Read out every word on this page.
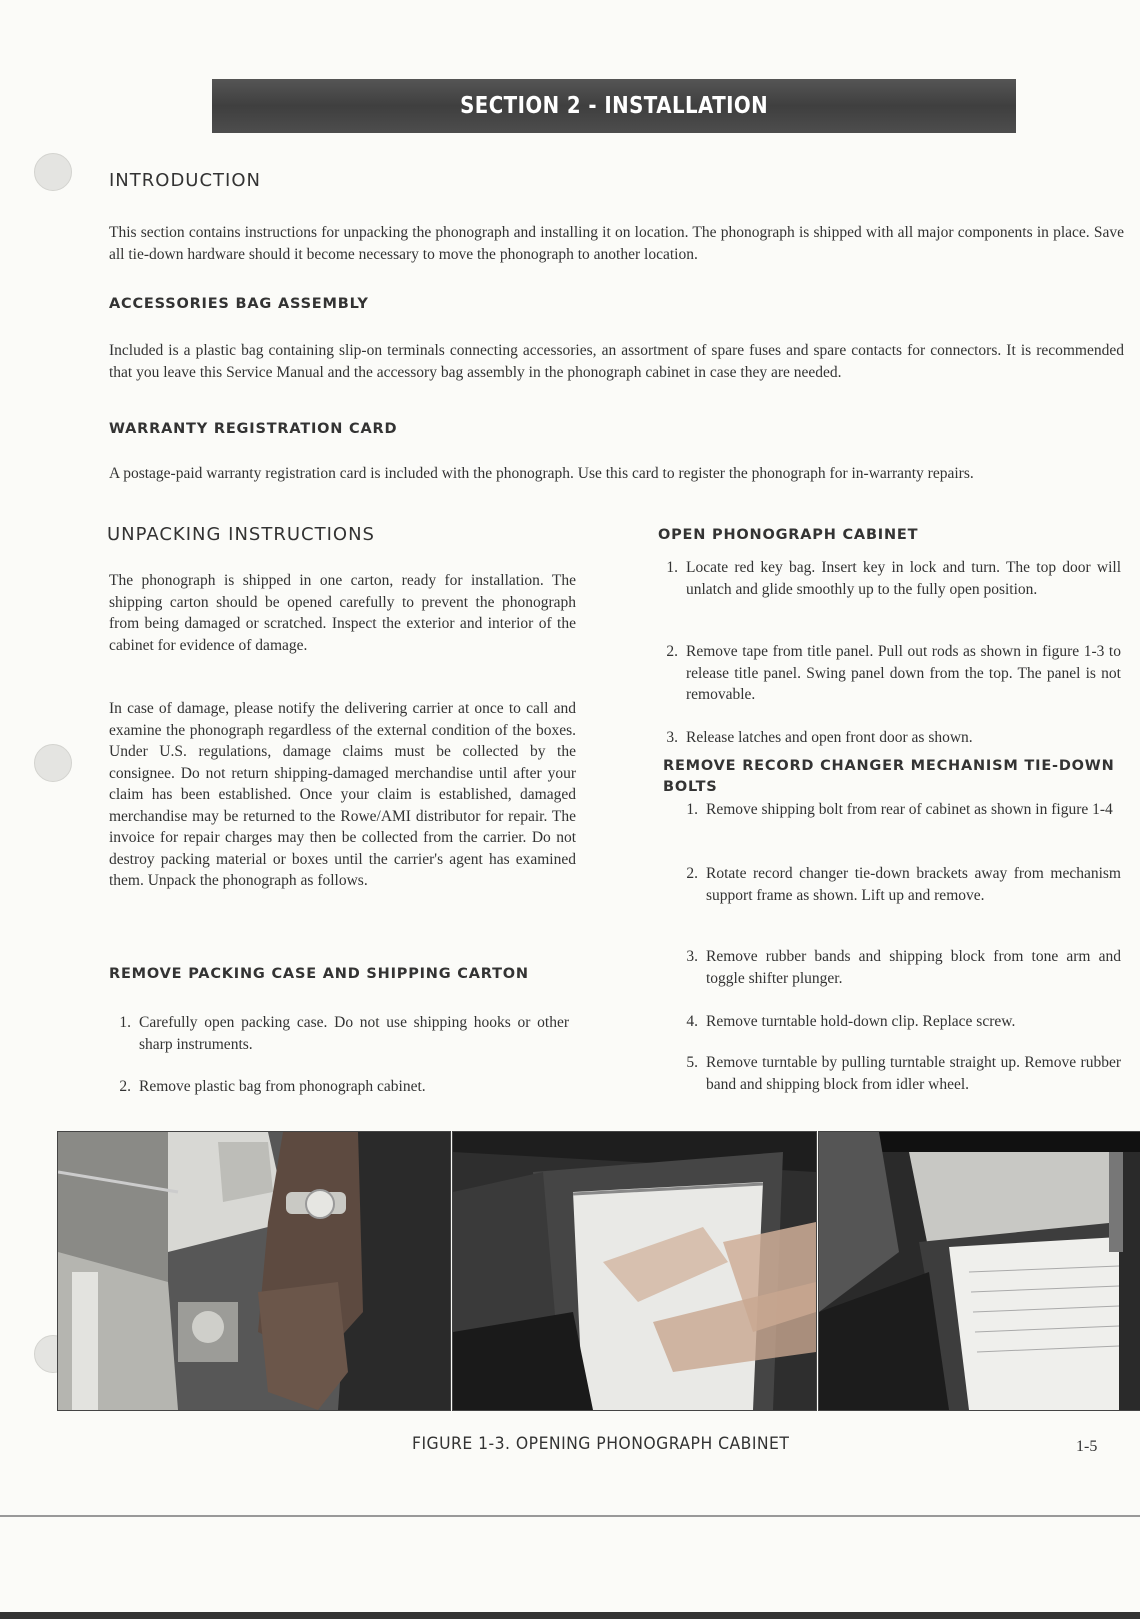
SECTION 2 - INSTALLATION
INTRODUCTION
This section contains instructions for unpacking the phonograph and installing it on location. The phonograph is shipped with all major components in place. Save all tie-down hardware should it become necessary to move the phonograph to another location.
ACCESSORIES BAG ASSEMBLY
Included is a plastic bag containing slip-on terminals connecting accessories, an assortment of spare fuses and spare contacts for connectors. It is recommended that you leave this Service Manual and the accessory bag assembly in the phonograph cabinet in case they are needed.
WARRANTY REGISTRATION CARD
A postage-paid warranty registration card is included with the phonograph. Use this card to register the phonograph for in-warranty repairs.
UNPACKING INSTRUCTIONS
The phonograph is shipped in one carton, ready for installation. The shipping carton should be opened carefully to prevent the phonograph from being damaged or scratched. Inspect the exterior and interior of the cabinet for evidence of damage.
In case of damage, please notify the delivering carrier at once to call and examine the phonograph regardless of the external condition of the boxes. Under U.S. regulations, damage claims must be collected by the consignee. Do not return shipping-damaged merchandise until after your claim has been established. Once your claim is established, damaged merchandise may be returned to the Rowe/AMI distributor for repair. The invoice for repair charges may then be collected from the carrier. Do not destroy packing material or boxes until the carrier's agent has examined them. Unpack the phonograph as follows.
REMOVE PACKING CASE AND SHIPPING CARTON
1. Carefully open packing case. Do not use shipping hooks or other sharp instruments.
2. Remove plastic bag from phonograph cabinet.
OPEN PHONOGRAPH CABINET
1. Locate red key bag. Insert key in lock and turn. The top door will unlatch and glide smoothly up to the fully open position.
2. Remove tape from title panel. Pull out rods as shown in figure 1-3 to release title panel. Swing panel down from the top. The panel is not removable.
3. Release latches and open front door as shown.
REMOVE RECORD CHANGER MECHANISM TIE-DOWN BOLTS
1. Remove shipping bolt from rear of cabinet as shown in figure 1-4
2. Rotate record changer tie-down brackets away from mechanism support frame as shown. Lift up and remove.
3. Remove rubber bands and shipping block from tone arm and toggle shifter plunger.
4. Remove turntable hold-down clip. Replace screw.
5. Remove turntable by pulling turntable straight up. Remove rubber band and shipping block from idler wheel.
FIGURE 1-3. OPENING PHONOGRAPH CABINET	1-5
